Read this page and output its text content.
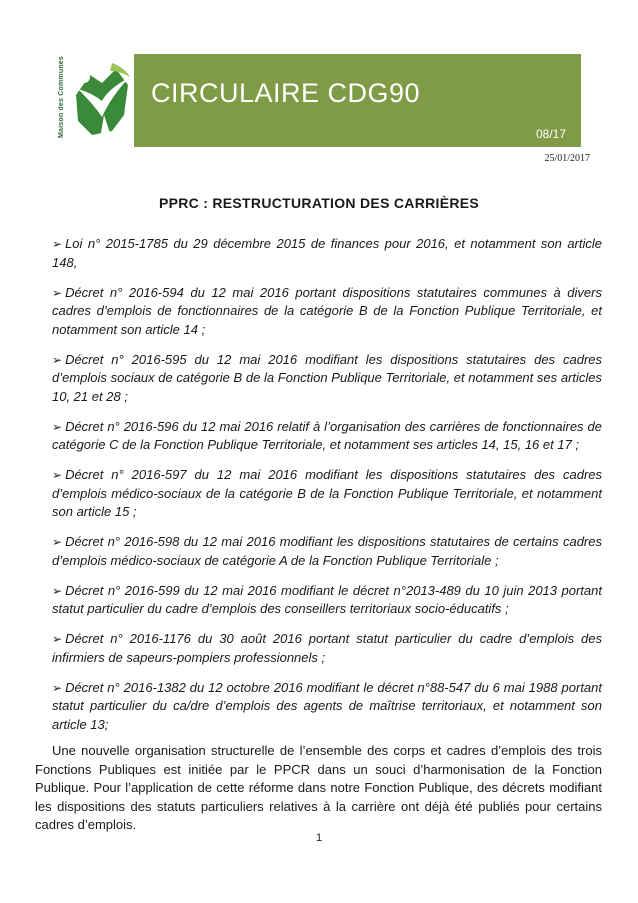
Maison des Communes	CIRCULAIRE CDG90
08/17
25/01/2017
PPRC : RESTRUCTURATION DES CARRIÈRES
➢ Loi n° 2015-1785 du 29 décembre 2015 de finances pour 2016, et notamment son article 148,
➢ Décret n° 2016-594 du 12 mai 2016 portant dispositions statutaires communes à divers cadres d’emplois de fonctionnaires de la catégorie B de la Fonction Publique Territoriale, et notamment son article 14 ;
➢ Décret n° 2016-595 du 12 mai 2016 modifiant les dispositions statutaires des cadres d’emplois sociaux de catégorie B de la Fonction Publique Territoriale, et notamment ses articles 10, 21 et 28 ;
➢ Décret n° 2016-596 du 12 mai 2016 relatif à l’organisation des carrières de fonctionnaires de catégorie C de la Fonction Publique Territoriale, et notamment ses articles 14, 15, 16 et 17 ;
➢ Décret n° 2016-597 du 12 mai 2016 modifiant les dispositions statutaires des cadres d’emplois médico-sociaux de la catégorie B de la Fonction Publique Territoriale, et notamment son article 15 ;
➢ Décret n° 2016-598 du 12 mai 2016 modifiant les dispositions statutaires de certains cadres d’emplois médico-sociaux de catégorie A de la Fonction Publique Territoriale ;
➢ Décret n° 2016-599 du 12 mai 2016 modifiant le décret n°2013-489 du 10 juin 2013 portant statut particulier du cadre d’emplois des conseillers territoriaux socio-éducatifs ;
➢ Décret n° 2016-1176 du 30 août 2016 portant statut particulier du cadre d’emplois des infirmiers de sapeurs-pompiers professionnels ;
➢ Décret n° 2016-1382 du 12 octobre 2016 modifiant le décret n°88-547 du 6 mai 1988 portant statut particulier du ca/dre d’emplois des agents de maîtrise territoriaux, et notamment son article 13;
Une nouvelle organisation structurelle de l’ensemble des corps et cadres d’emplois des trois Fonctions Publiques est initiée par le PPCR dans un souci d’harmonisation de la Fonction Publique. Pour l’application de cette réforme dans notre Fonction Publique, des décrets modifiant les dispositions des statuts particuliers relatives à la carrière ont déjà été publiés pour certains cadres d’emplois.
1
